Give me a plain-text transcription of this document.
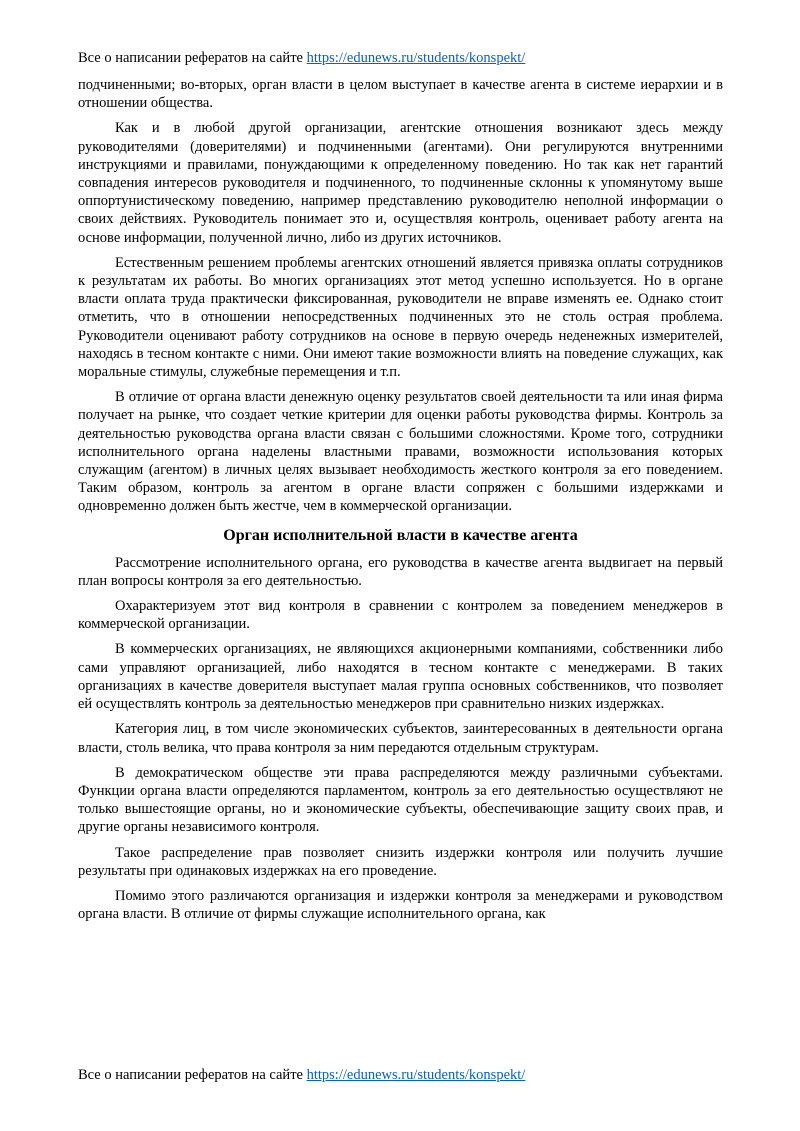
Все о написании рефератов на сайте https://edunews.ru/students/konspekt/

подчиненными; во-вторых, орган власти в целом выступает в качестве агента в системе иерархии и в отношении общества.

Как и в любой другой организации, агентские отношения возникают здесь между руководителями (доверителями) и подчиненными (агентами). Они регулируются внутренними инструкциями и правилами, понуждающими к определенному поведению. Но так как нет гарантий совпадения интересов руководителя и подчиненного, то подчиненные склонны к упомянутому выше оппортунистическому поведению, например представлению руководителю неполной информации о своих действиях. Руководитель понимает это и, осуществляя контроль, оценивает работу агента на основе информации, полученной лично, либо из других источников.

Естественным решением проблемы агентских отношений является привязка оплаты сотрудников к результатам их работы. Во многих организациях этот метод успешно используется. Но в органе власти оплата труда практически фиксированная, руководители не вправе изменять ее. Однако стоит отметить, что в отношении непосредственных подчиненных это не столь острая проблема. Руководители оценивают работу сотрудников на основе в первую очередь неденежных измерителей, находясь в тесном контакте с ними. Они имеют такие возможности влиять на поведение служащих, как моральные стимулы, служебные перемещения и т.п.

В отличие от органа власти денежную оценку результатов своей деятельности та или иная фирма получает на рынке, что создает четкие критерии для оценки работы руководства фирмы. Контроль за деятельностью руководства органа власти связан с большими сложностями. Кроме того, сотрудники исполнительного органа наделены властными правами, возможности использования которых служащим (агентом) в личных целях вызывает необходимость жесткого контроля за его поведением. Таким образом, контроль за агентом в органе власти сопряжен с большими издержками и одновременно должен быть жестче, чем в коммерческой организации.

Орган исполнительной власти в качестве агента

Рассмотрение исполнительного органа, его руководства в качестве агента выдвигает на первый план вопросы контроля за его деятельностью.

Охарактеризуем этот вид контроля в сравнении с контролем за поведением менеджеров в коммерческой организации.

В коммерческих организациях, не являющихся акционерными компаниями, собственники либо сами управляют организацией, либо находятся в тесном контакте с менеджерами. В таких организациях в качестве доверителя выступает малая группа основных собственников, что позволяет ей осуществлять контроль за деятельностью менеджеров при сравнительно низких издержках.

Категория лиц, в том числе экономических субъектов, заинтересованных в деятельности органа власти, столь велика, что права контроля за ним передаются отдельным структурам.

В демократическом обществе эти права распределяются между различными субъектами. Функции органа власти определяются парламентом, контроль за его деятельностью осуществляют не только вышестоящие органы, но и экономические субъекты, обеспечивающие защиту своих прав, и другие органы независимого контроля.

Такое распределение прав позволяет снизить издержки контроля или получить лучшие результаты при одинаковых издержках на его проведение.

Помимо этого различаются организация и издержки контроля за менеджерами и руководством органа власти. В отличие от фирмы служащие исполнительного органа, как

Все о написании рефератов на сайте https://edunews.ru/students/konspekt/
